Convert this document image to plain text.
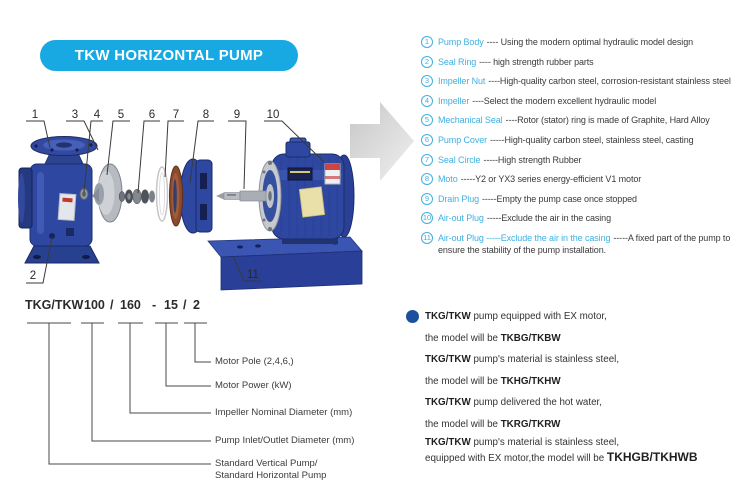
1	3 4 5 6 7 8 9 10
2	11
TKW HORIZONTAL PUMP
1 Pump Body ---- Using the modern optimal hydraulic model design
2 Seal Ring ---- high strength rubber parts
3 Impeller Nut ----High-quality carbon steel, corrosion-resistant stainless steel
4 Impeller ----Select the modern excellent hydraulic model
5 Mechanical Seal ----Rotor (stator) ring is made of Graphite, Hard Alloy
6 Pump Cover -----High-quality carbon steel, stainless steel, casting
7 Seal Circle -----High strength Rubber
8 Moto -----Y2 or YX3 series energy-efficient V1 motor
9 Drain Plug -----Empty the pump case once stopped
10 Air-out Plug -----Exclude the air in the casing
11 Air-out Plug -----Exclude the air in the casing -----A fixed part of the pump to ensure the stability of the pump installation.
TKG/TKW 100 / 160 - 15 / 2
Motor Pole (2,4,6,)
Motor Power (kW)
Impeller Nominal Diameter (mm)
Pump Inlet/Outlet Diameter (mm)
Standard Vertical Pump/
Standard Horizontal Pump
TKG/TKW pump equipped with EX motor,
the model will be TKBG/TKBW
TKG/TKW pump's material is stainless steel,
the model will be TKHG/TKHW
TKG/TKW pump delivered the hot water,
the model will be TKRG/TKRW
TKG/TKW pump's material is stainless steel,
equipped with EX motor,the model will be TKHGB/TKHWB
